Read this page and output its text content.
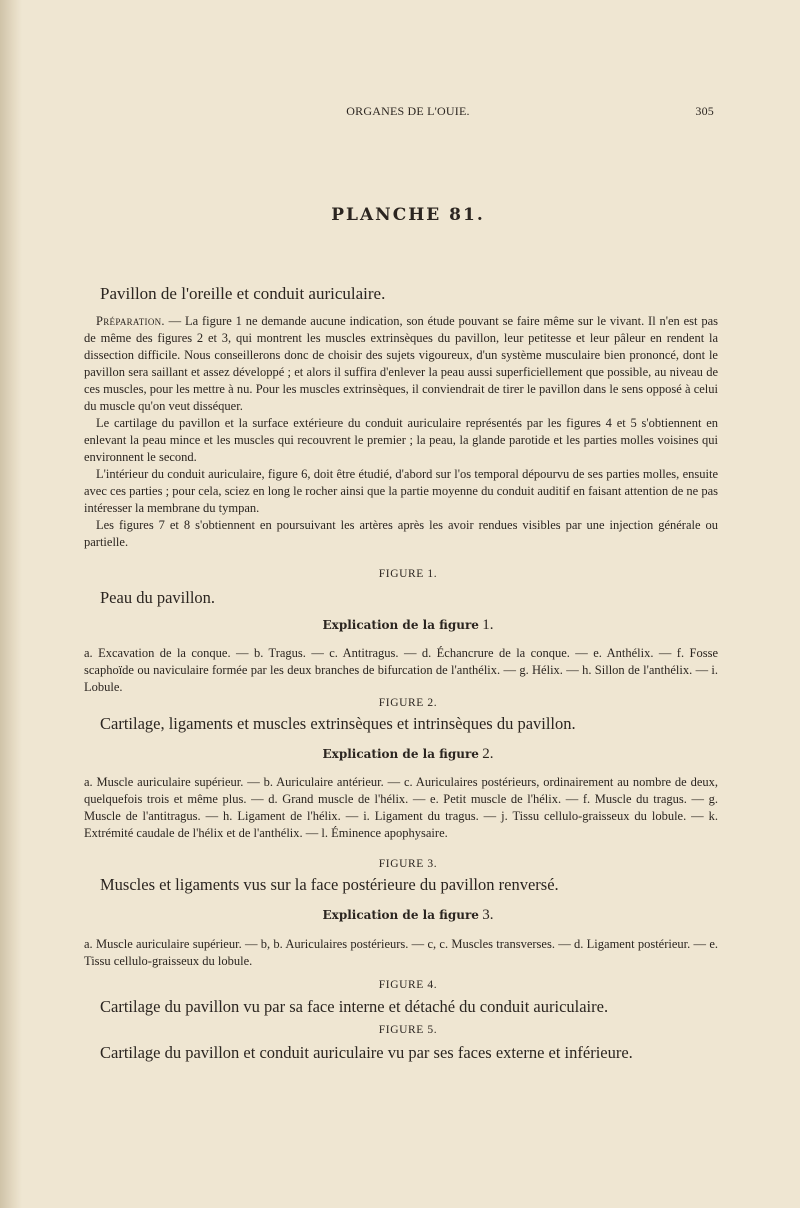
ORGANES DE L'OUIE.	305
PLANCHE 81.
Pavillon de l'oreille et conduit auriculaire.

Préparation. — La figure 1 ne demande aucune indication, son étude pouvant se faire même sur le vivant. Il n'en est pas de même des figures 2 et 3, qui montrent les muscles extrinsèques du pavillon, leur petitesse et leur pâleur en rendent la dissection difficile. Nous conseillerons donc de choisir des sujets vigoureux, d'un système musculaire bien prononcé, dont le pavillon sera saillant et assez développé ; et alors il suffira d'enlever la peau aussi superficiellement que possible, au niveau de ces muscles, pour les mettre à nu. Pour les muscles extrinsèques, il conviendrait de tirer le pavillon dans le sens opposé à celui du muscle qu'on veut disséquer.

Le cartilage du pavillon et la surface extérieure du conduit auriculaire représentés par les figures 4 et 5 s'obtiennent en enlevant la peau mince et les muscles qui recouvrent le premier ; la peau, la glande parotide et les parties molles voisines qui environnent le second.

L'intérieur du conduit auriculaire, figure 6, doit être étudié, d'abord sur l'os temporal dépourvu de ses parties molles, ensuite avec ces parties ; pour cela, sciez en long le rocher ainsi que la partie moyenne du conduit auditif en faisant attention de ne pas intéresser la membrane du tympan.

Les figures 7 et 8 s'obtiennent en poursuivant les artères après les avoir rendues visibles par une injection générale ou partielle.

FIGURE 1.
Peau du pavillon.
Explication de la figure 1.

a. Excavation de la conque. — b. Tragus. — c. Antitragus. — d. Échancrure de la conque. — e. Anthélix. — f. Fosse scaphoïde ou naviculaire formée par les deux branches de bifurcation de l'anthélix. — g. Hélix. — h. Sillon de l'anthélix. — i. Lobule.

FIGURE 2.
Cartilage, ligaments et muscles extrinsèques et intrinsèques du pavillon.
Explication de la figure 2.

a. Muscle auriculaire supérieur. — b. Auriculaire antérieur. — c. Auriculaires postérieurs, ordinairement au nombre de deux, quelquefois trois et même plus. — d. Grand muscle de l'hélix. — e. Petit muscle de l'hélix. — f. Muscle du tragus. — g. Muscle de l'antitragus. — h. Ligament de l'hélix. — i. Ligament du tragus. — j. Tissu cellulo-graisseux du lobule. — k. Extrémité caudale de l'hélix et de l'anthélix. — l. Éminence apophysaire.

FIGURE 3.
Muscles et ligaments vus sur la face postérieure du pavillon renversé.
Explication de la figure 3.

a. Muscle auriculaire supérieur. — b, b. Auriculaires postérieurs. — c, c. Muscles transverses. — d. Ligament postérieur. — e. Tissu cellulo-graisseux du lobule.

FIGURE 4.
Cartilage du pavillon vu par sa face interne et détaché du conduit auriculaire.
FIGURE 5.
Cartilage du pavillon et conduit auriculaire vu par ses faces externe et inférieure.
